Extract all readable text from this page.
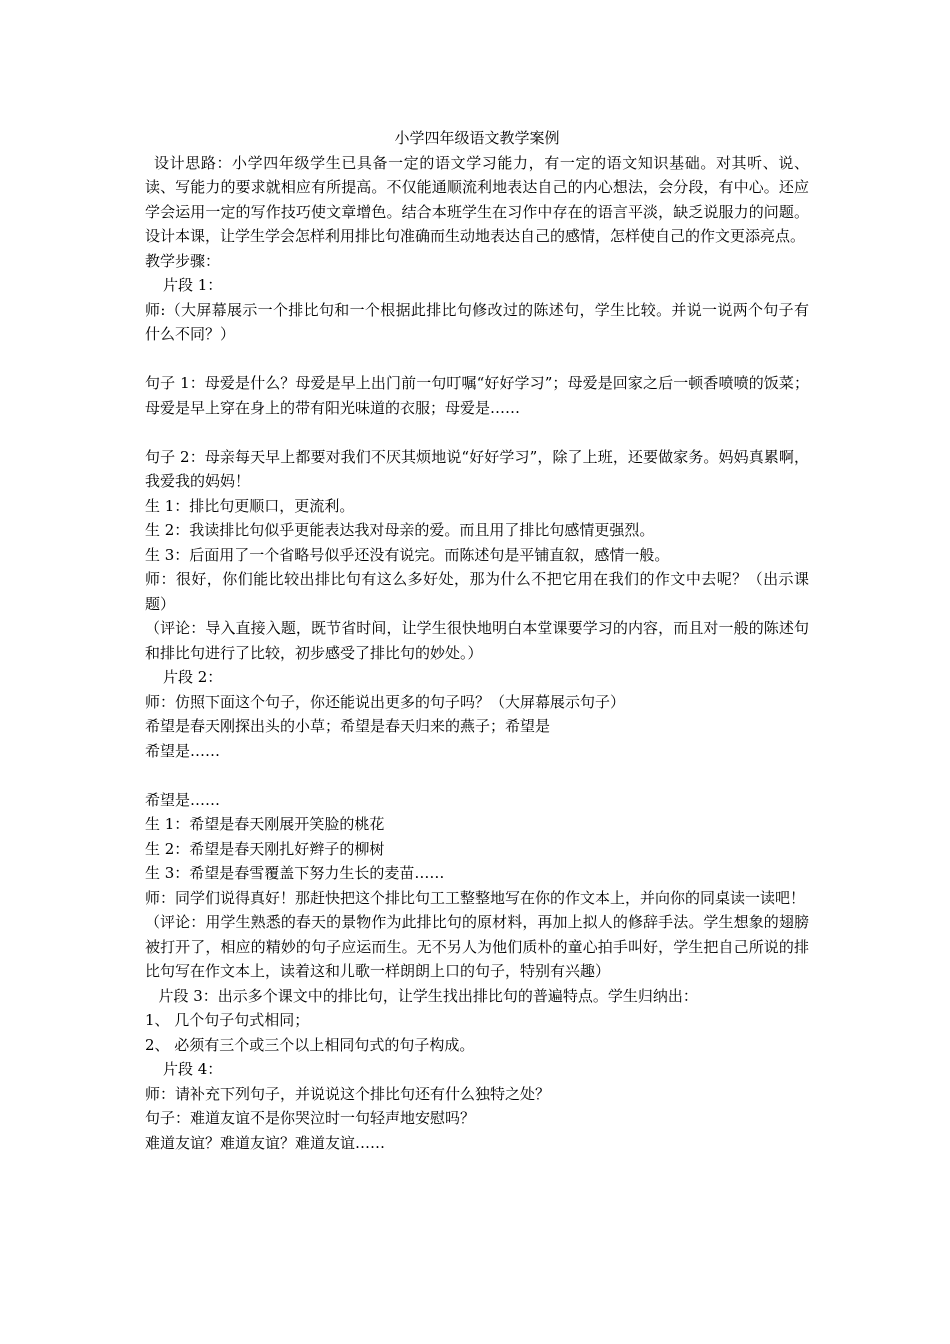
小学四年级语文教学案例

设计思路：小学四年级学生已具备一定的语文学习能力，有一定的语文知识基础。对其听、说、读、写能力的要求就相应有所提高。不仅能通顺流利地表达自己的内心想法，会分段，有中心。还应学会运用一定的写作技巧使文章增色。结合本班学生在习作中存在的语言平淡，缺乏说服力的问题。设计本课，让学生学会怎样利用排比句准确而生动地表达自己的感情，怎样使自己的作文更添亮点。

教学步骤：

片段 1：

师:（大屏幕展示一个排比句和一个根据此排比句修改过的陈述句，学生比较。并说一说两个句子有什么不同？）

句子 1：母爱是什么？母爱是早上出门前一句叮嘱“好好学习”；母爱是回家之后一顿香喷喷的饭菜；母爱是早上穿在身上的带有阳光味道的衣服；母爱是……

句子 2：母亲每天早上都要对我们不厌其烦地说“好好学习”，除了上班，还要做家务。妈妈真累啊，我爱我的妈妈！

生 1：排比句更顺口，更流利。

生 2：我读排比句似乎更能表达我对母亲的爱。而且用了排比句感情更强烈。

生 3：后面用了一个省略号似乎还没有说完。而陈述句是平铺直叙，感情一般。

师：很好，你们能比较出排比句有这么多好处，那为什么不把它用在我们的作文中去呢？（出示课题）

（评论：导入直接入题，既节省时间，让学生很快地明白本堂课要学习的内容，而且对一般的陈述句和排比句进行了比较，初步感受了排比句的妙处。）

片段 2：

师：仿照下面这个句子，你还能说出更多的句子吗？（大屏幕展示句子）

希望是春天刚探出头的小草；希望是春天归来的燕子；希望是

希望是……

希望是……

生 1：希望是春天刚展开笑脸的桃花

生 2：希望是春天刚扎好辫子的柳树

生 3：希望是春雪覆盖下努力生长的麦苗……

师：同学们说得真好！那赶快把这个排比句工工整整地写在你的作文本上，并向你的同桌读一读吧！

（评论：用学生熟悉的春天的景物作为此排比句的原材料，再加上拟人的修辞手法。学生想象的翅膀被打开了，相应的精妙的句子应运而生。无不另人为他们质朴的童心拍手叫好，学生把自己所说的排比句写在作文本上，读着这和儿歌一样朗朗上口的句子，特别有兴趣）

片段 3：出示多个课文中的排比句，让学生找出排比句的普遍特点。学生归纳出：

1、 几个句子句式相同；

2、 必须有三个或三个以上相同句式的句子构成。

片段 4：

师：请补充下列句子，并说说这个排比句还有什么独特之处？

句子：难道友谊不是你哭泣时一句轻声地安慰吗？

难道友谊？难道友谊？难道友谊……
